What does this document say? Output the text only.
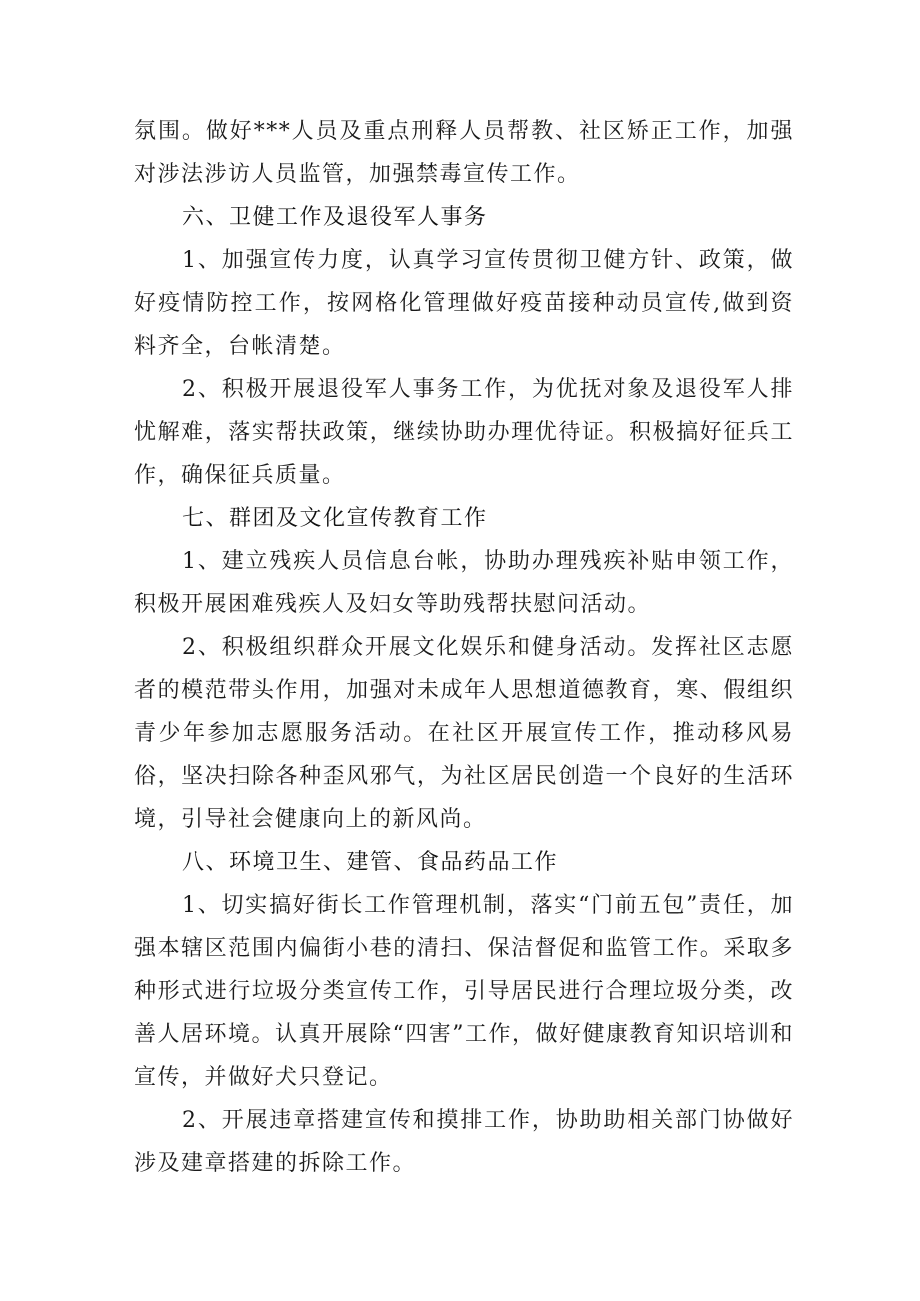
氛围。做好***人员及重点刑释人员帮教、社区矫正工作，加强对涉法涉访人员监管，加强禁毒宣传工作。

六、卫健工作及退役军人事务

1、加强宣传力度，认真学习宣传贯彻卫健方针、政策，做好疫情防控工作，按网格化管理做好疫苗接种动员宣传,做到资料齐全，台帐清楚。

2、积极开展退役军人事务工作，为优抚对象及退役军人排忧解难，落实帮扶政策，继续协助办理优待证。积极搞好征兵工作，确保征兵质量。

七、群团及文化宣传教育工作

1、建立残疾人员信息台帐，协助办理残疾补贴申领工作，积极开展困难残疾人及妇女等助残帮扶慰问活动。

2、积极组织群众开展文化娱乐和健身活动。发挥社区志愿者的模范带头作用，加强对未成年人思想道德教育，寒、假组织青少年参加志愿服务活动。在社区开展宣传工作，推动移风易俗，坚决扫除各种歪风邪气，为社区居民创造一个良好的生活环境，引导社会健康向上的新风尚。

八、环境卫生、建管、食品药品工作

1、切实搞好街长工作管理机制，落实“门前五包”责任，加强本辖区范围内偏街小巷的清扫、保洁督促和监管工作。采取多种形式进行垃圾分类宣传工作，引导居民进行合理垃圾分类，改善人居环境。认真开展除“四害”工作，做好健康教育知识培训和宣传，并做好犬只登记。

2、开展违章搭建宣传和摸排工作，协助助相关部门协做好涉及建章搭建的拆除工作。
